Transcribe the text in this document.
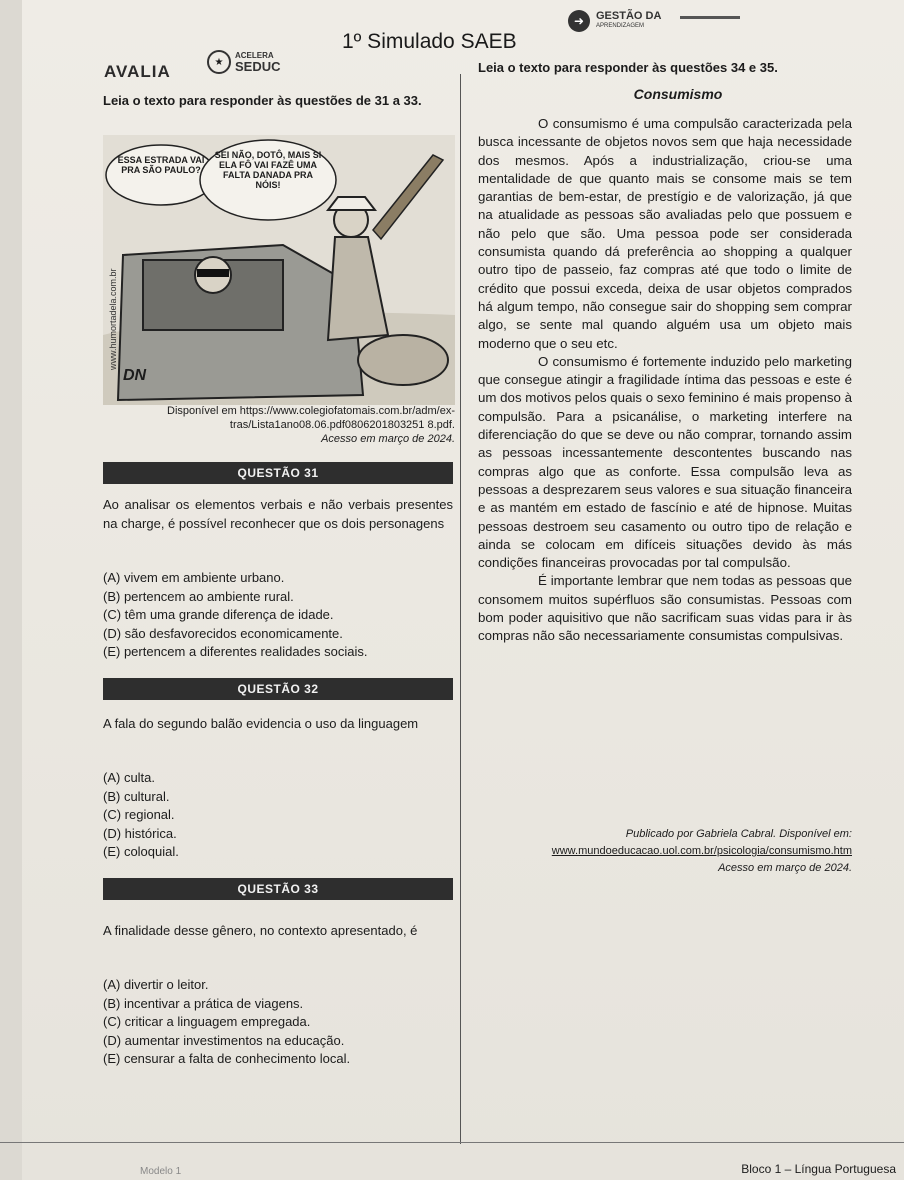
AVALIA	★
ACELERA
SEDUC
1º Simulado SAEB
➜	GESTÃO DA
APRENDIZAGEM
Leia o texto para responder às questões de 31 a 33.
ESSA ESTRADA VAI PRA SÃO PAULO?
SEI NÃO, DOTÔ, MAIS SI ELA FÔ VAI FAZÊ UMA FALTA DANADA PRA NÓIS!
www.humortadela.com.br
DN
Disponível em https://www.colegiofatomais.com.br/adm/ex-tras/Lista1ano08.06.pdf0806201803251 8.pdf.
Acesso em março de 2024.
QUESTÃO 31
Ao analisar os elementos verbais e não verbais presentes na charge, é possível reconhecer que os dois personagens
(A) vivem em ambiente urbano.
(B) pertencem ao ambiente rural.
(C) têm uma grande diferença de idade.
(D) são desfavorecidos economicamente.
(E) pertencem a diferentes realidades sociais.
QUESTÃO 32
A fala do segundo balão evidencia o uso da linguagem
(A) culta.
(B) cultural.
(C) regional.
(D) histórica.
(E) coloquial.
QUESTÃO 33
A finalidade desse gênero, no contexto apresentado, é
(A) divertir o leitor.
(B) incentivar a prática de viagens.
(C) criticar a linguagem empregada.
(D) aumentar investimentos na educação.
(E) censurar a falta de conhecimento local.
Leia o texto para responder às questões 34 e 35.
Consumismo

O consumismo é uma compulsão caracterizada pela busca incessante de objetos novos sem que haja necessidade dos mesmos. Após a industrialização, criou-se uma mentalidade de que quanto mais se consome mais se tem garantias de bem-estar, de prestígio e de valorização, já que na atualidade as pessoas são avaliadas pelo que possuem e não pelo que são. Uma pessoa pode ser considerada consumista quando dá preferência ao shopping a qualquer outro tipo de passeio, faz compras até que todo o limite de crédito que possui exceda, deixa de usar objetos comprados há algum tempo, não consegue sair do shopping sem comprar algo, se sente mal quando alguém usa um objeto mais moderno que o seu etc.

O consumismo é fortemente induzido pelo marketing que consegue atingir a fragilidade íntima das pessoas e este é um dos motivos pelos quais o sexo feminino é mais propenso à compulsão. Para a psicanálise, o marketing interfere na diferenciação do que se deve ou não comprar, tornando assim as pessoas incessantemente descontentes buscando nas compras algo que as conforte. Essa compulsão leva as pessoas a desprezarem seus valores e sua situação financeira e as mantém em estado de fascínio e até de hipnose. Muitas pessoas destroem seu casamento ou outro tipo de relação e ainda se colocam em difíceis situações devido às más condições financeiras provocadas por tal compulsão.

É importante lembrar que nem todas as pessoas que consomem muitos supérfluos são consumistas. Pessoas com bom poder aquisitivo que não sacrificam suas vidas para ir às compras não são necessariamente consumistas compulsivas.

Publicado por Gabriela Cabral. Disponível em:
www.mundoeducacao.uol.com.br/psicologia/consumismo.htm
Acesso em março de 2024.
Modelo 1	Bloco 1 – Língua Portuguesa
